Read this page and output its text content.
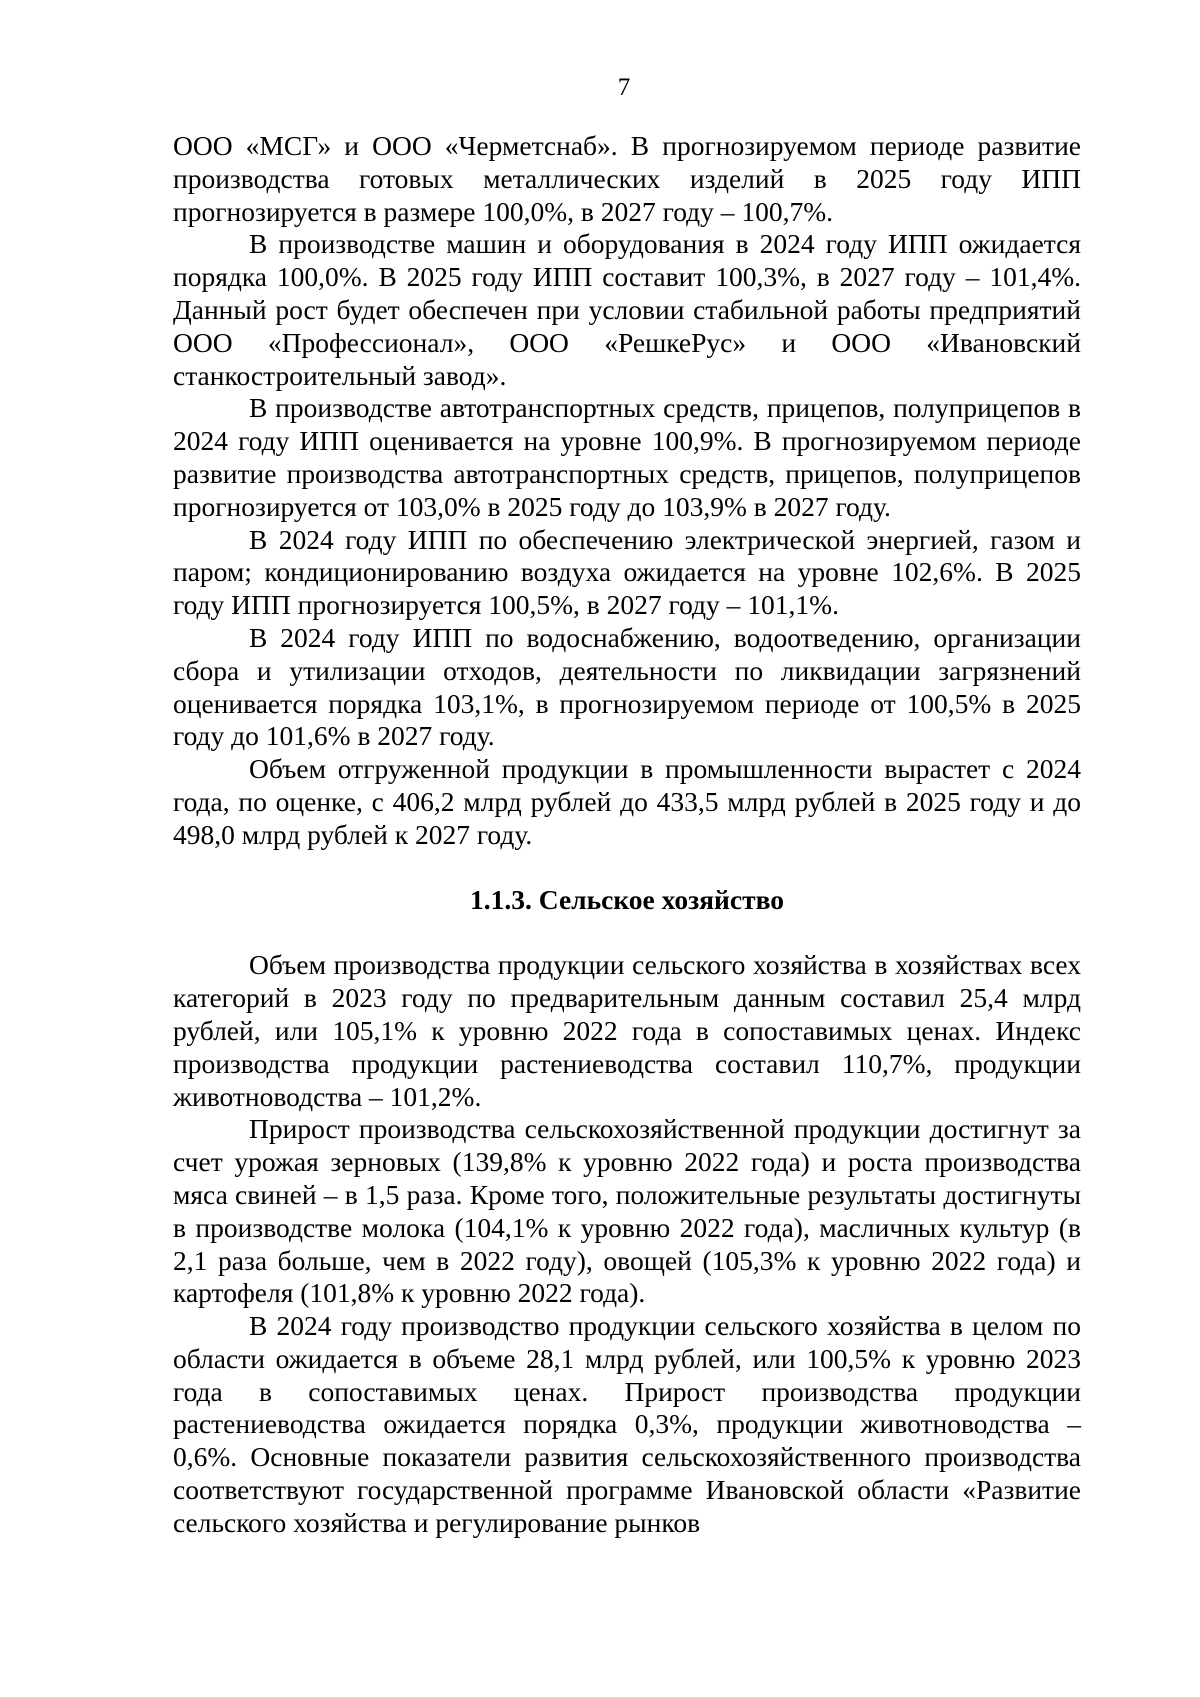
7

ООО «МСГ» и ООО «Черметснаб». В прогнозируемом периоде развитие производства готовых металлических изделий в 2025 году ИПП прогнозируется в размере 100,0%, в 2027 году – 100,7%.

В производстве машин и оборудования в 2024 году ИПП ожидается порядка 100,0%. В 2025 году ИПП составит 100,3%, в 2027 году – 101,4%. Данный рост будет обеспечен при условии стабильной работы предприятий ООО «Профессионал», ООО «РешкеРус» и ООО «Ивановский станкостроительный завод».

В производстве автотранспортных средств, прицепов, полуприцепов в 2024 году ИПП оценивается на уровне 100,9%. В прогнозируемом периоде развитие производства автотранспортных средств, прицепов, полуприцепов прогнозируется от 103,0% в 2025 году до 103,9% в 2027 году.

В 2024 году ИПП по обеспечению электрической энергией, газом и паром; кондиционированию воздуха ожидается на уровне 102,6%. В 2025 году ИПП прогнозируется 100,5%, в 2027 году – 101,1%.

В 2024 году ИПП по водоснабжению, водоотведению, организации сбора и утилизации отходов, деятельности по ликвидации загрязнений оценивается порядка 103,1%, в прогнозируемом периоде от 100,5% в 2025 году до 101,6% в 2027 году.

Объем отгруженной продукции в промышленности вырастет с 2024 года, по оценке, с 406,2 млрд рублей до 433,5 млрд рублей в 2025 году и до 498,0 млрд рублей к 2027 году.

1.1.3. Сельское хозяйство

Объем производства продукции сельского хозяйства в хозяйствах всех категорий в 2023 году по предварительным данным составил 25,4 млрд рублей, или 105,1% к уровню 2022 года в сопоставимых ценах. Индекс производства продукции растениеводства составил 110,7%, продукции животноводства – 101,2%.

Прирост производства сельскохозяйственной продукции достигнут за счет урожая зерновых (139,8% к уровню 2022 года) и роста производства мяса свиней – в 1,5 раза. Кроме того, положительные результаты достигнуты в производстве молока (104,1% к уровню 2022 года), масличных культур (в 2,1 раза больше, чем в 2022 году), овощей (105,3% к уровню 2022 года) и картофеля (101,8% к уровню 2022 года).

В 2024 году производство продукции сельского хозяйства в целом по области ожидается в объеме 28,1 млрд рублей, или 100,5% к уровню 2023 года в сопоставимых ценах. Прирост производства продукции растениеводства ожидается порядка 0,3%, продукции животноводства – 0,6%. Основные показатели развития сельскохозяйственного производства соответствуют государственной программе Ивановской области «Развитие сельского хозяйства и регулирование рынков
